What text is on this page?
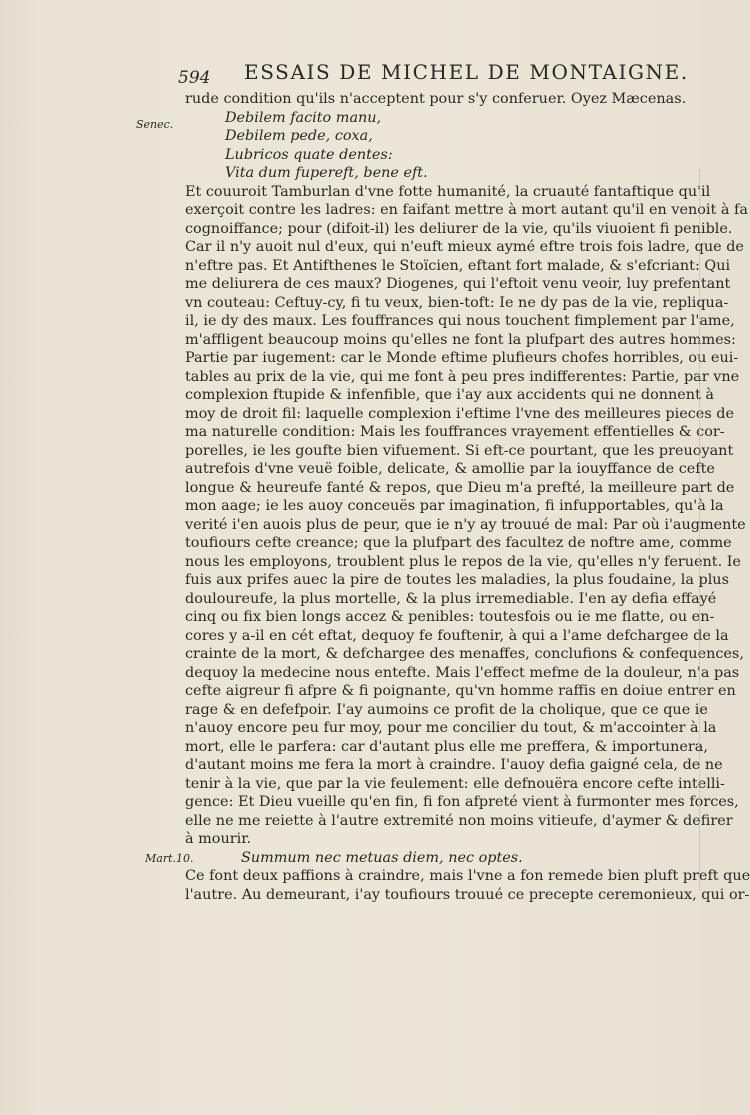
594 ESSAIS DE MICHEL DE MONTAIGNE.
Senec.
Mart.10.
rude condition qu'ils n'acceptent pour s'y conferuer. Oyez Mæcenas.
Debilem facito manu,
Debilem pede, coxa,
Lubricos quate dentes:
Vita dum fupereft, bene eft.
Et couuroit Tamburlan d'vne fotte humanité, la cruauté fantaftique qu'il
exerçoit contre les ladres: en faifant mettre à mort autant qu'il en venoit à fa
cognoiffance; pour (difoit-il) les deliurer de la vie, qu'ils viuoient fi penible.
Car il n'y auoit nul d'eux, qui n'euft mieux aymé eftre trois fois ladre, que de
n'eftre pas. Et Antifthenes le Stoïcien, eftant fort malade, & s'efcriant: Qui
me deliurera de ces maux? Diogenes, qui l'eftoit venu veoir, luy prefentant
vn couteau: Ceftuy-cy, fi tu veux, bien-toft: Ie ne dy pas de la vie, repliqua-
il, ie dy des maux. Les fouffrances qui nous touchent fimplement par l'ame,
m'affligent beaucoup moins qu'elles ne font la plufpart des autres hommes:
Partie par iugement: car le Monde eftime plufieurs chofes horribles, ou eui-
tables au prix de la vie, qui me font à peu pres indifferentes: Partie, par vne
complexion ftupide & infenfible, que i'ay aux accidents qui ne donnent à
moy de droit fil: laquelle complexion i'eftime l'vne des meilleures pieces de
ma naturelle condition: Mais les fouffrances vrayement effentielles & cor-
porelles, ie les goufte bien vifuement. Si eft-ce pourtant, que les preuoyant
autrefois d'vne veuë foible, delicate, & amollie par la iouyffance de cefte
longue & heureufe fanté & repos, que Dieu m'a prefté, la meilleure part de
mon aage; ie les auoy conceuës par imagination, fi infupportables, qu'à la
verité i'en auois plus de peur, que ie n'y ay trouué de mal: Par où i'augmente
toufiours cefte creance; que la plufpart des facultez de noftre ame, comme
nous les employons, troublent plus le repos de la vie, qu'elles n'y feruent. Ie
fuis aux prifes auec la pire de toutes les maladies, la plus foudaine, la plus
douloureufe, la plus mortelle, & la plus irremediable. I'en ay defia effayé
cinq ou fix bien longs accez & penibles: toutesfois ou ie me flatte, ou en-
cores y a-il en cét eftat, dequoy fe fouftenir, à qui a l'ame defchargee de la
crainte de la mort, & defchargee des menaffes, conclufions & confequences,
dequoy la medecine nous entefte. Mais l'effect mefme de la douleur, n'a pas
cefte aigreur fi afpre & fi poignante, qu'vn homme raffis en doiue entrer en
rage & en defefpoir. I'ay aumoins ce profit de la cholique, que ce que ie
n'auoy encore peu fur moy, pour me concilier du tout, & m'accointer à la
mort, elle le parfera: car d'autant plus elle me preffera, & importunera,
d'autant moins me fera la mort à craindre. I'auoy defia gaigné cela, de ne
tenir à la vie, que par la vie feulement: elle defnouëra encore cefte intelli-
gence: Et Dieu vueille qu'en fin, fi fon afpreté vient à furmonter mes forces,
elle ne me reiette à l'autre extremité non moins vitieufe, d'aymer & defirer
à mourir.
Summum nec metuas diem, nec optes.
Ce font deux paffions à craindre, mais l'vne a fon remede bien pluft preft que
l'autre. Au demeurant, i'ay toufiours trouué ce precepte ceremonieux, qui or-
